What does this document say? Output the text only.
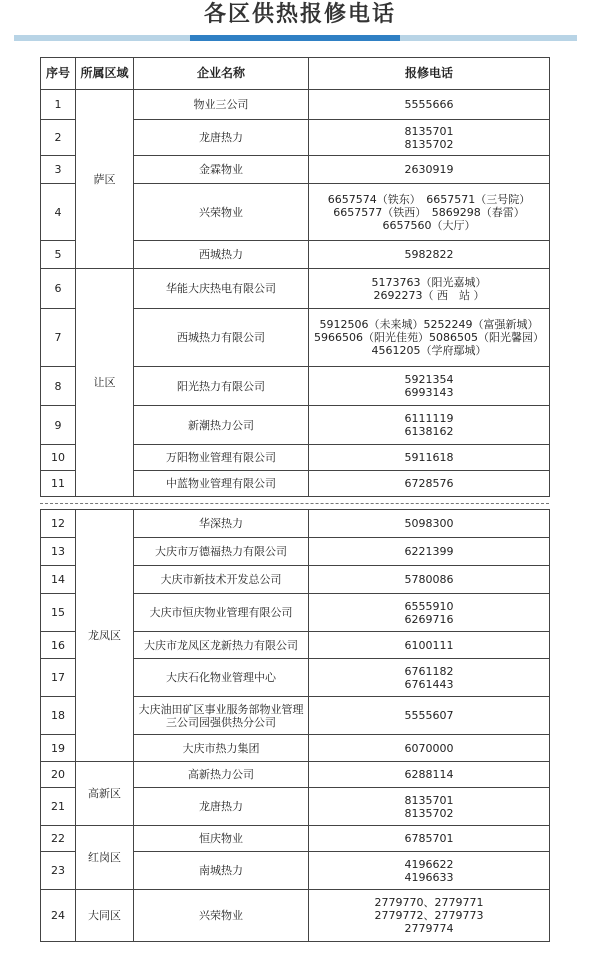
各区供热报修电话
序号	所属区域	企业名称	报修电话
1	萨区	物业三公司	5555666
2		龙唐热力	8135701
8135702
3		金霖物业	2630919
4		兴荣物业	6657574（铁东）　6657571（三号院）
6657577（铁西）　5869298（春雷）
6657560（大厅）
5		西城热力	5982822
6	让区	华能大庆热电有限公司	5173763（阳光嘉城）
2692273（ 西　站 ）
7		西城热力有限公司	5912506（未来城）5252249（富强新城）
5966506（阳光佳苑）5086505（阳光馨园）
4561205（学府鄢城）
8		阳光热力有限公司	5921354
6993143
9		新潮热力公司	6111119
6138162
10		万阳物业管理有限公司	5911618
11		中蓝物业管理有限公司	6728576
12	龙凤区	华深热力	5098300
13		大庆市万德福热力有限公司	6221399
14		大庆市新技术开发总公司	5780086
15		大庆市恒庆物业管理有限公司	6555910
6269716
16		大庆市龙凤区龙新热力有限公司	6100111
17		大庆石化物业管理中心	6761182
6761443
18		大庆油田矿区事业服务部物业管理三公司园强供热分公司	5555607
19		大庆市热力集团	6070000
20	高新区	高新热力公司	6288114
21		龙唐热力	8135701
8135702
22	红岗区	恒庆物业	6785701
23		南城热力	4196622
4196633
24	大同区	兴荣物业	2779770、2779771
2779772、2779773
2779774
